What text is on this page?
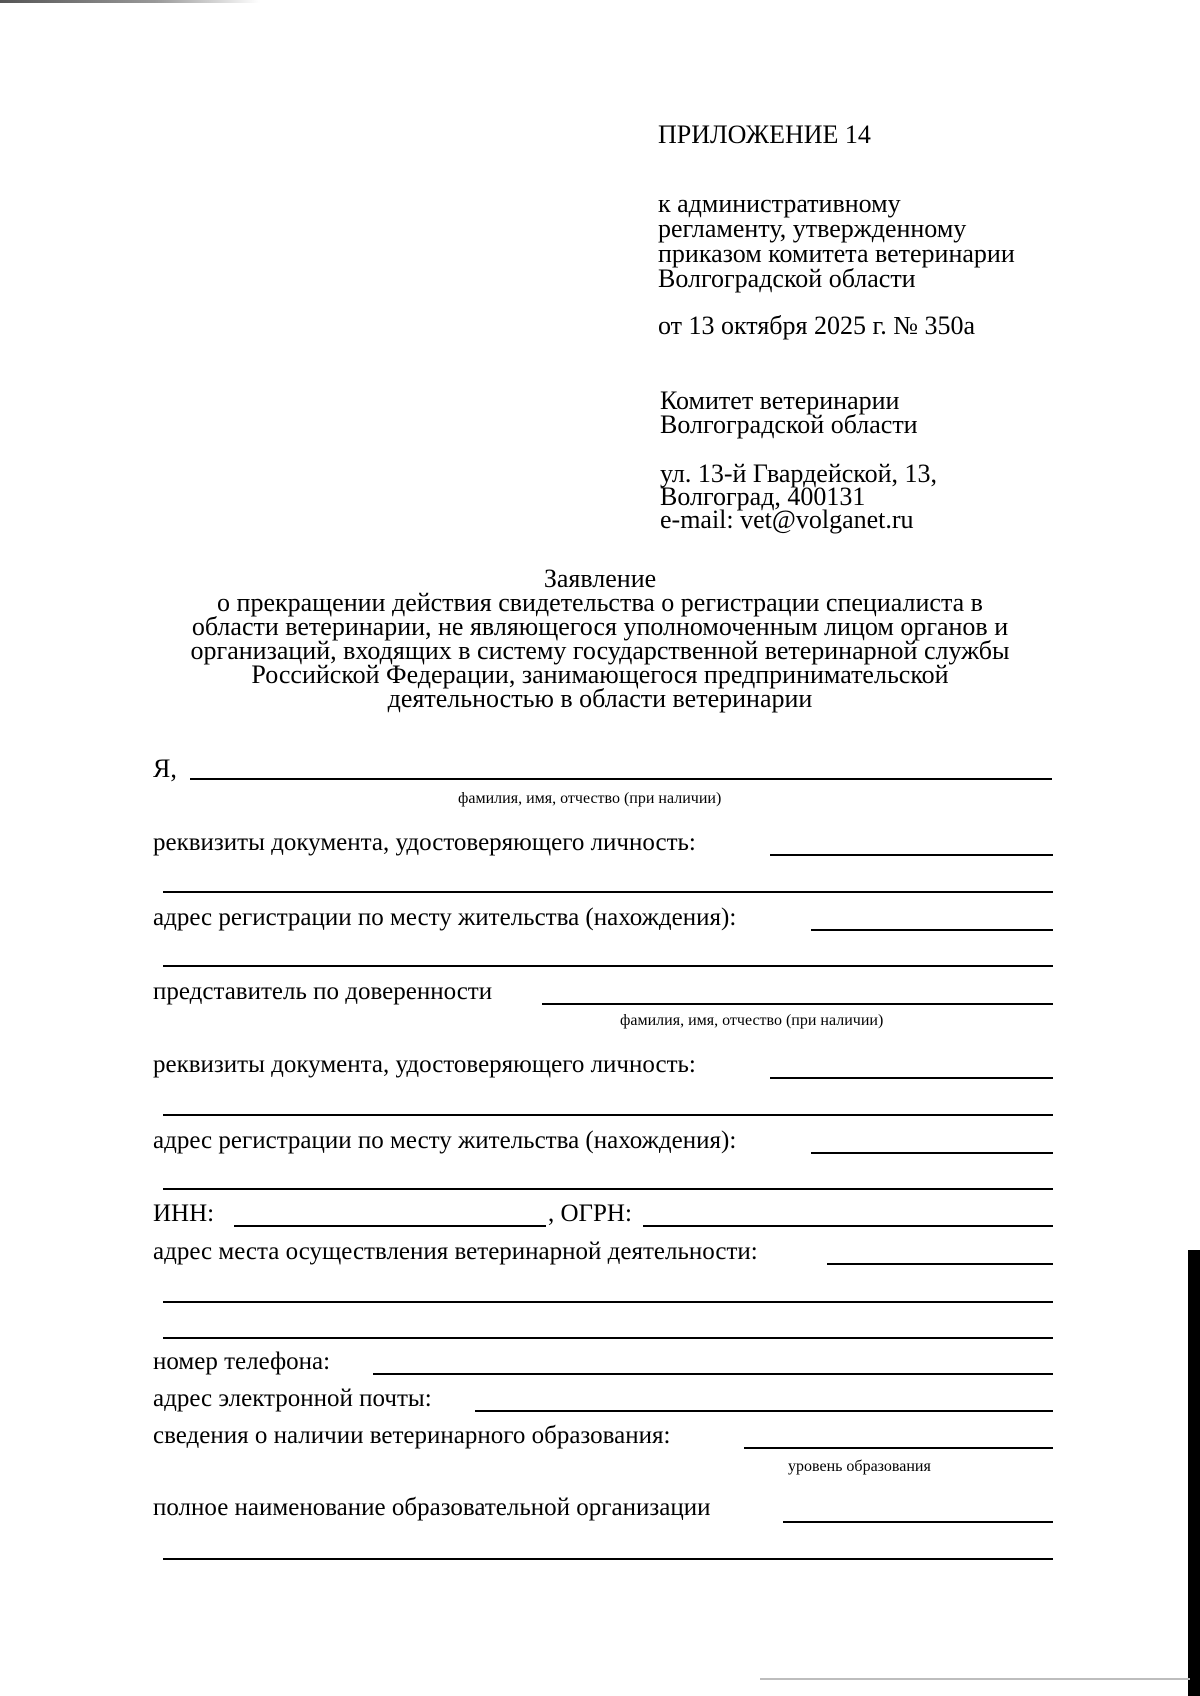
ПРИЛОЖЕНИЕ 14
к административному
регламенту, утвержденному
приказом комитета ветеринарии
Волгоградской области
от 13 октября 2025 г. № 350а
Комитет ветеринарии
Волгоградской области
ул. 13-й Гвардейской, 13,
Волгоград, 400131
e-mail: vet@volganet.ru
Заявление
о прекращении действия свидетельства о регистрации специалиста в
области ветеринарии, не являющегося уполномоченным лицом органов и
организаций, входящих в систему государственной ветеринарной службы
Российской Федерации, занимающегося предпринимательской
деятельностью в области ветеринарии
Я,
фамилия, имя, отчество (при наличии)
реквизиты документа, удостоверяющего личность:
адрес регистрации по месту жительства (нахождения):
представитель по доверенности
фамилия, имя, отчество (при наличии)
реквизиты документа, удостоверяющего личность:
адрес регистрации по месту жительства (нахождения):
ИНН:	, ОГРН:
адрес места осуществления ветеринарной деятельности:
номер телефона:
адрес электронной почты:
сведения о наличии ветеринарного образования:
уровень образования
полное наименование образовательной организации
